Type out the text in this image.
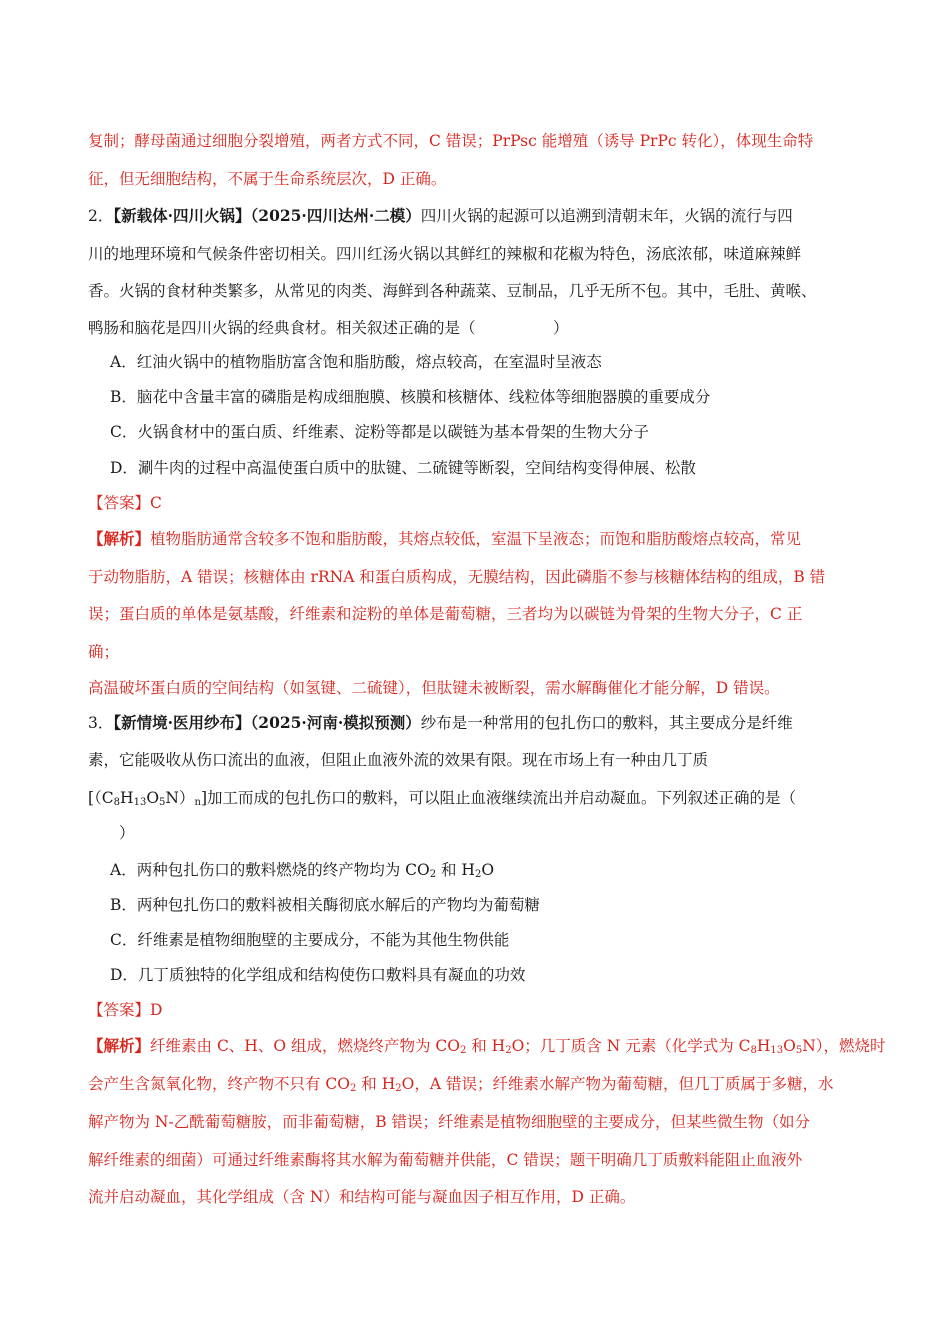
复制；酵母菌通过细胞分裂增殖，两者方式不同，C 错误；PrPsc 能增殖（诱导 PrPc 转化），体现生命特
征，但无细胞结构，不属于生命系统层次，D 正确。
2．【新载体·四川火锅】（2025·四川达州·二模）四川火锅的起源可以追溯到清朝末年，火锅的流行与四
川的地理环境和气候条件密切相关。四川红汤火锅以其鲜红的辣椒和花椒为特色，汤底浓郁，味道麻辣鲜
香。火锅的食材种类繁多，从常见的肉类、海鲜到各种蔬菜、豆制品，几乎无所不包。其中，毛肚、黄喉、
鸭肠和脑花是四川火锅的经典食材。相关叙述正确的是（　　　　　）
A．红油火锅中的植物脂肪富含饱和脂肪酸，熔点较高，在室温时呈液态
B．脑花中含量丰富的磷脂是构成细胞膜、核膜和核糖体、线粒体等细胞器膜的重要成分
C．火锅食材中的蛋白质、纤维素、淀粉等都是以碳链为基本骨架的生物大分子
D．涮牛肉的过程中高温使蛋白质中的肽键、二硫键等断裂，空间结构变得伸展、松散
【答案】C
【解析】植物脂肪通常含较多不饱和脂肪酸，其熔点较低，室温下呈液态；而饱和脂肪酸熔点较高，常见
于动物脂肪，A 错误；核糖体由 rRNA 和蛋白质构成，无膜结构，因此磷脂不参与核糖体结构的组成，B 错
误；蛋白质的单体是氨基酸，纤维素和淀粉的单体是葡萄糖，三者均为以碳链为骨架的生物大分子，C 正
确；
高温破坏蛋白质的空间结构（如氢键、二硫键），但肽键未被断裂，需水解酶催化才能分解，D 错误。
3．【新情境·医用纱布】（2025·河南·模拟预测）纱布是一种常用的包扎伤口的敷料，其主要成分是纤维
素，它能吸收从伤口流出的血液，但阻止血液外流的效果有限。现在市场上有一种由几丁质
$[(C_8H_{13}O_5N)_n]$加工而成的包扎伤口的敷料，可以阻止血液继续流出并启动凝血。下列叙述正确的是（
　　）
A．两种包扎伤口的敷料燃烧的终产物均为 $CO_2$ 和 $H_2O$
B．两种包扎伤口的敷料被相关酶彻底水解后的产物均为葡萄糖
C．纤维素是植物细胞壁的主要成分，不能为其他生物供能
D．几丁质独特的化学组成和结构使伤口敷料具有凝血的功效
【答案】D
【解析】纤维素由 C、H、O 组成，燃烧终产物为 $CO_2$ 和 $H_2O$；几丁质含 N 元素（化学式为 $C_8H_{13}O_5N$），燃烧时
会产生含氮氧化物，终产物不只有 $CO_2$ 和 $H_2O$，A 错误；纤维素水解产物为葡萄糖，但几丁质属于多糖，水
解产物为 N-乙酰葡萄糖胺，而非葡萄糖，B 错误；纤维素是植物细胞壁的主要成分，但某些微生物（如分
解纤维素的细菌）可通过纤维素酶将其水解为葡萄糖并供能，C 错误；题干明确几丁质敷料能阻止血液外
流并启动凝血，其化学组成（含 N）和结构可能与凝血因子相互作用，D 正确。
